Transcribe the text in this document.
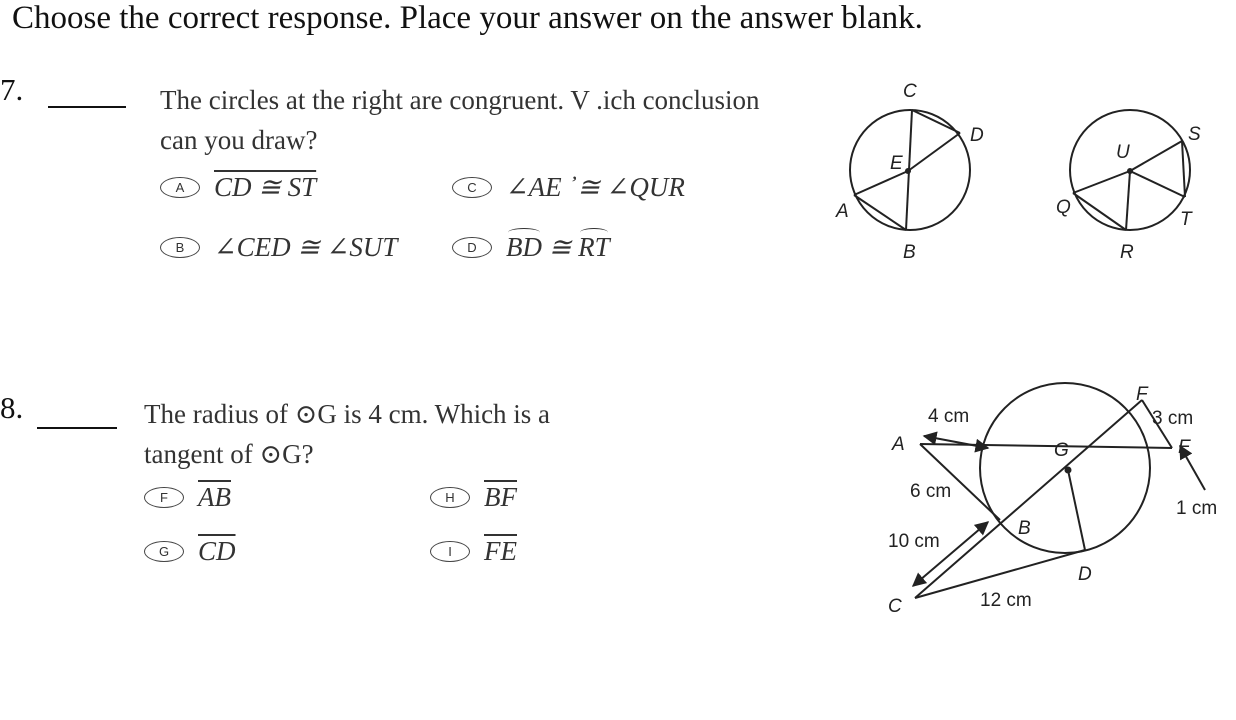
Choose the correct response. Place your answer on the answer blank.
7.	The circles at the right are congruent. V .ich conclusion
can you draw?
A	CD ≅ ST	C	∠AE ᾿≅ ∠QUR
B	∠CED ≅ ∠SUT	D	BD ≅ RT
C
D
E
A
B
U
S
Q
T
R
8.	The radius of ⊙G is 4 cm. Which is a
tangent of ⊙G?
F	$\overline{AB}$	H	$\overline{BF}$
G	$\overline{CD}$	I	$\overline{FE}$
A
B
C
D
E
F
G
4 cm
6 cm
10 cm
12 cm
3 cm
1 cm
